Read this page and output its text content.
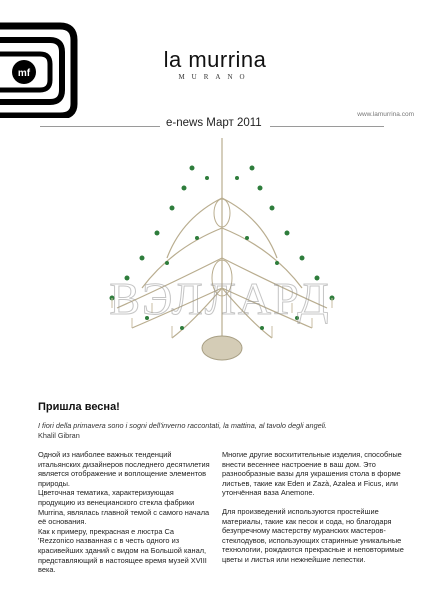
mf
la murrina
MURANO
www.lamurrina.com
e-news Март 2011
ВЭЛЛАРД
Пришла весна!
I fiori della primavera sono i sogni dell'inverno raccontati, la mattina, al tavolo degli angeli.
Khalil Gibran

Одной из наиболее важных тенденций итальянских дизайнеров последнего десятилетия является отображение и воплощение элементов природы.
Цветочная тематика, характеризующая продукцию из венецианского стекла фабрики Murrina, являлась главной темой с самого начала её основания.
Как к примеру, прекрасная е люстра Ca 'Rezzonico названная с в честь одного из красивейших зданий с видом на Большой канал, представляющий в настоящее время музей XVIII века.

Многие другие восхитительные изделия, способные внести весеннее настроение в ваш дом. Это разнообразные вазы для украшения стола в форме листьев, такие как Eden и Zazà, Azalea и Ficus, или утончённая ваза Anemone.

Для произведений используются простейшие материалы, такие как песок и сода, но благодаря безупречному мастерству муранских мастеров- стеклодувов, использующих старинные уникальные технологии, рождаются прекрасные и неповторимые цветы и листья или нежнейшие лепестки.
